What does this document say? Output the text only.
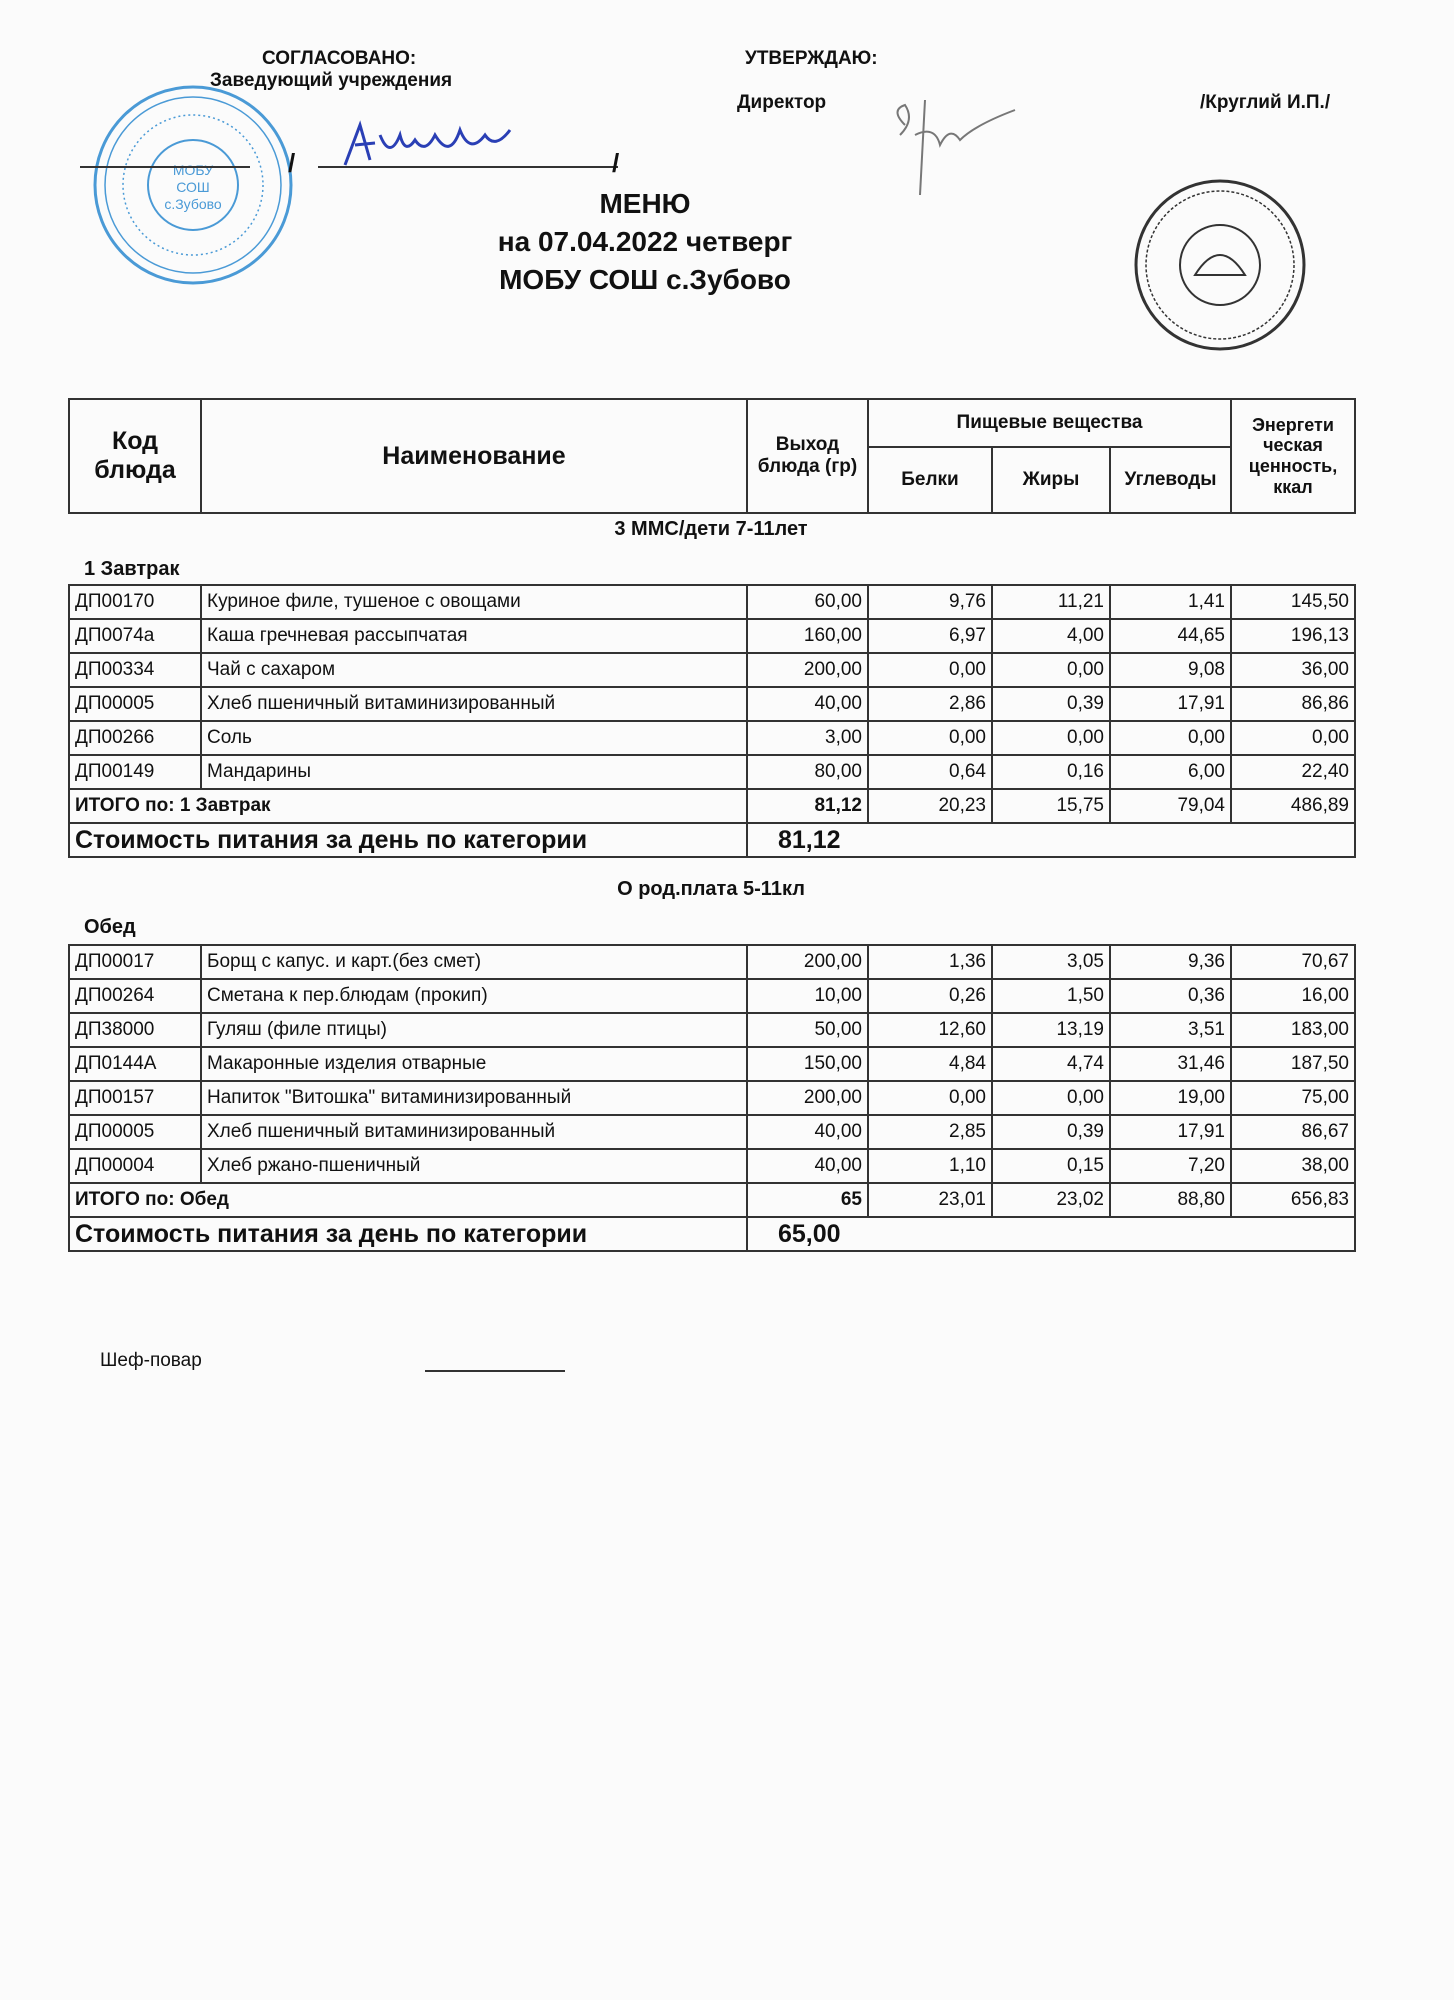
МОБУ
СОШ
с.Зубово
СОГЛАСОВАНО:
Заведующий учреждения
/	/
УТВЕРЖДАЮ:
Директор	/Круглий И.П./
МЕНЮ
на 07.04.2022 четверг
МОБУ СОШ с.Зубово
Код блюда	Наименование	Выход блюда (гр)	Пищевые вещества			Энергети ческая ценность, ккал
			Белки	Жиры	Углеводы	
3 ММС/дети 7-11лет
1 Завтрак
ДП00170	Куриное филе, тушеное с овощами	60,00	9,76	11,21	1,41	145,50
ДП0074а	Каша гречневая рассыпчатая	160,00	6,97	4,00	44,65	196,13
ДП00334	Чай с сахаром	200,00	0,00	0,00	9,08	36,00
ДП00005	Хлеб пшеничный витаминизированный	40,00	2,86	0,39	17,91	86,86
ДП00266	Соль	3,00	0,00	0,00	0,00	0,00
ДП00149	Мандарины	80,00	0,64	0,16	6,00	22,40
ИТОГО по: 1 Завтрак		81,12	20,23	15,75	79,04	486,89
Стоимость питания за день по категории		81,12				
О род.плата 5-11кл
Обед
ДП00017	Борщ с капус. и карт.(без смет)	200,00	1,36	3,05	9,36	70,67
ДП00264	Сметана к пер.блюдам (прокип)	10,00	0,26	1,50	0,36	16,00
ДП38000	Гуляш (филе птицы)	50,00	12,60	13,19	3,51	183,00
ДП0144А	Макаронные изделия отварные	150,00	4,84	4,74	31,46	187,50
ДП00157	Напиток "Витошка" витаминизированный	200,00	0,00	0,00	19,00	75,00
ДП00005	Хлеб пшеничный витаминизированный	40,00	2,85	0,39	17,91	86,67
ДП00004	Хлеб ржано-пшеничный	40,00	1,10	0,15	7,20	38,00
ИТОГО по: Обед		65	23,01	23,02	88,80	656,83
Стоимость питания за день по категории		65,00				
Шеф-повар
